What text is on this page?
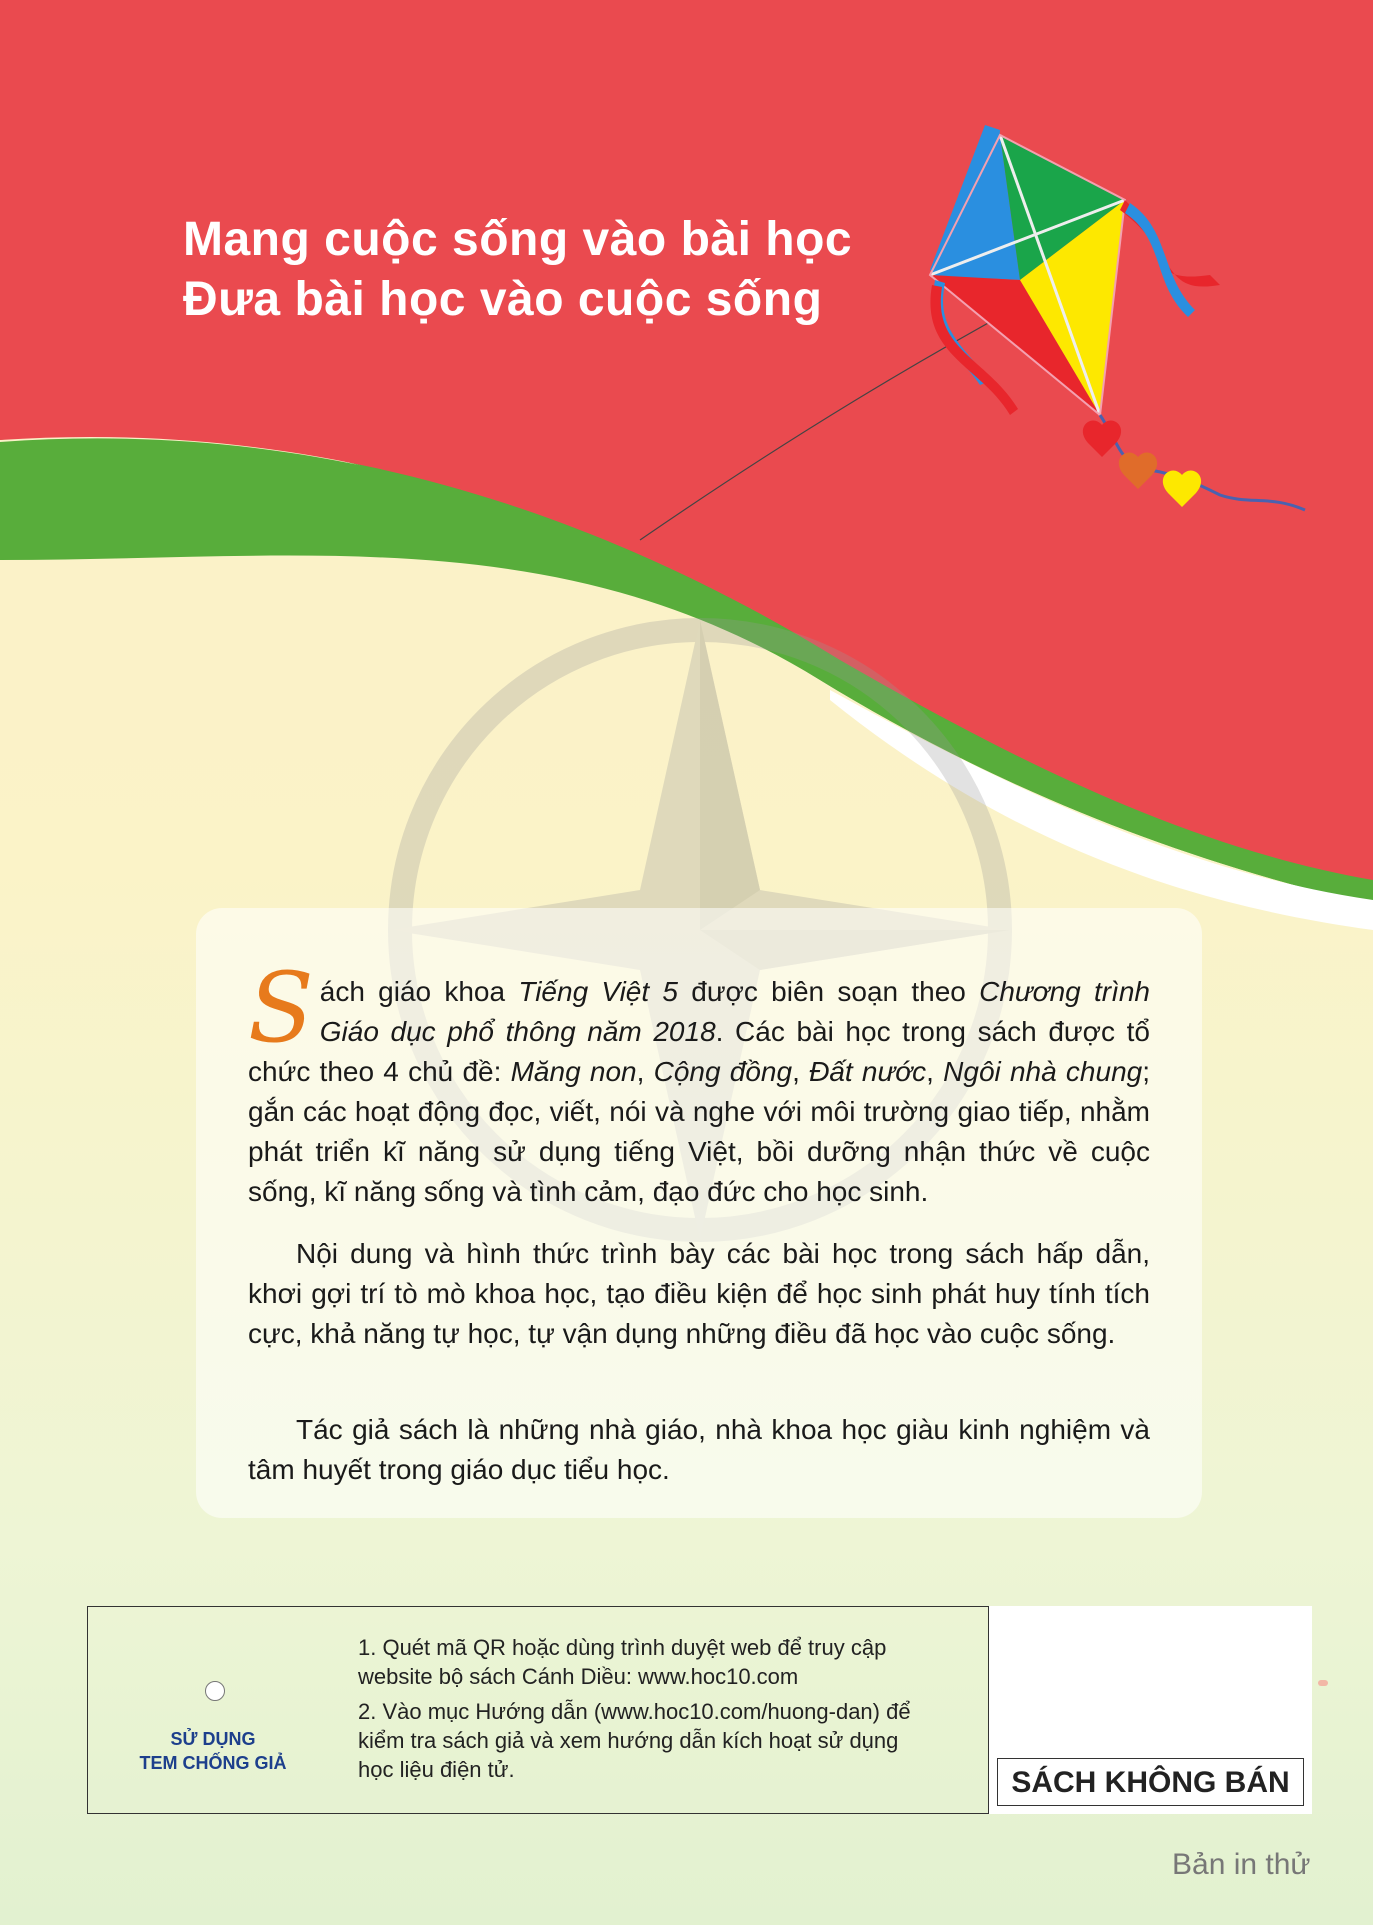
Mang cuộc sống vào bài học
Đưa bài học vào cuộc sống

Sách giáo khoa Tiếng Việt 5 được biên soạn theo Chương trình Giáo dục phổ thông năm 2018. Các bài học trong sách được tổ chức theo 4 chủ đề: Măng non, Cộng đồng, Đất nước, Ngôi nhà chung; gắn các hoạt động đọc, viết, nói và nghe với môi trường giao tiếp, nhằm phát triển kĩ năng sử dụng tiếng Việt, bồi dưỡng nhận thức về cuộc sống, kĩ năng sống và tình cảm, đạo đức cho học sinh.

Nội dung và hình thức trình bày các bài học trong sách hấp dẫn, khơi gợi trí tò mò khoa học, tạo điều kiện để học sinh phát huy tính tích cực, khả năng tự học, tự vận dụng những điều đã học vào cuộc sống.

Tác giả sách là những nhà giáo, nhà khoa học giàu kinh nghiệm và tâm huyết trong giáo dục tiểu học.

SỬ DỤNG
TEM CHỐNG GIẢ

1. Quét mã QR hoặc dùng trình duyệt web để truy cập website bộ sách Cánh Diều: www.hoc10.com

2. Vào mục Hướng dẫn (www.hoc10.com/huong-dan) để kiểm tra sách giả và xem hướng dẫn kích hoạt sử dụng học liệu điện tử.	SÁCH KHÔNG BÁN
Bản in thử
